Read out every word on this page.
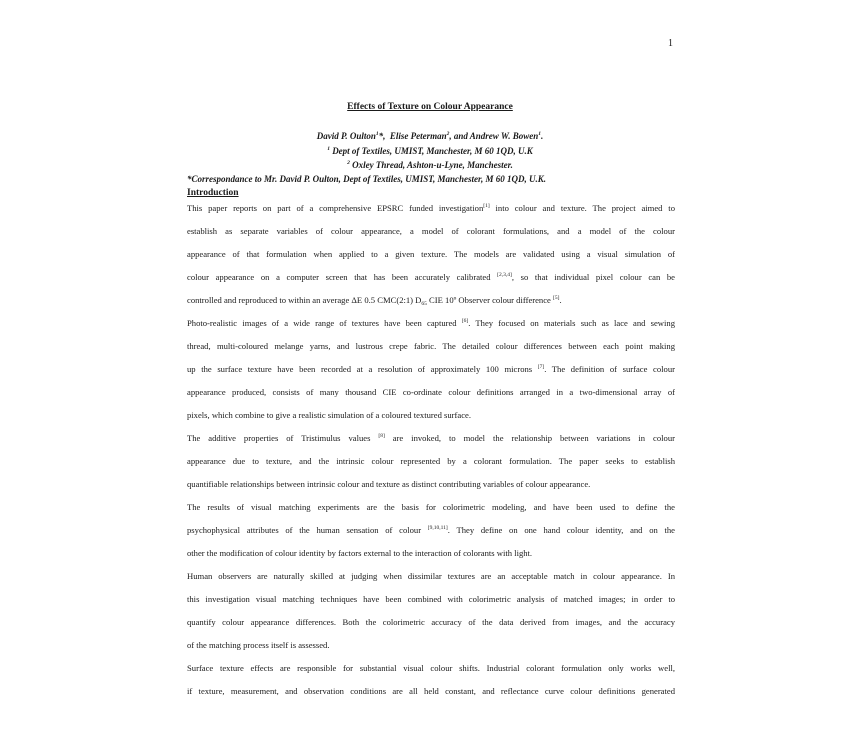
1
Effects of Texture on Colour Appearance
David P. Oulton$^1$*, Elise Peterman$^2$, and Andrew W. Bowen$^1$.
$^1$ Dept of Textiles, UMIST, Manchester, M 60 1QD, U.K
$^2$ Oxley Thread, Ashton-u-Lyne, Manchester.
*Correspondance to Mr. David P. Oulton, Dept of Textiles, UMIST, Manchester, M 60 1QD, U.K.
Introduction
This paper reports on part of a comprehensive EPSRC funded investigation[1] into colour and texture. The project aimed to
establish as separate variables of colour appearance, a model of colorant formulations, and a model of the colour
appearance of that formulation when applied to a given texture. The models are validated using a visual simulation of
colour appearance on a computer screen that has been accurately calibrated [2,3,4], so that individual pixel colour can be
controlled and reproduced to within an average ΔE 0.5 CMC(2:1) $D_{65}$ CIE 10º Observer colour difference [5].
Photo-realistic images of a wide range of textures have been captured [6]. They focused on materials such as lace and sewing
thread, multi-coloured melange yarns, and lustrous crepe fabric. The detailed colour differences between each point making
up the surface texture have been recorded at a resolution of approximately 100 microns [7]. The definition of surface colour
appearance produced, consists of many thousand CIE co-ordinate colour definitions arranged in a two-dimensional array of
pixels, which combine to give a realistic simulation of a coloured textured surface.
The additive properties of Tristimulus values [8] are invoked, to model the relationship between variations in colour
appearance due to texture, and the intrinsic colour represented by a colorant formulation. The paper seeks to establish
quantifiable relationships between intrinsic colour and texture as distinct contributing variables of colour appearance.
The results of visual matching experiments are the basis for colorimetric modeling, and have been used to define the
psychophysical attributes of the human sensation of colour [9,10,11]. They define on one hand colour identity, and on the
other the modification of colour identity by factors external to the interaction of colorants with light.
Human observers are naturally skilled at judging when dissimilar textures are an acceptable match in colour appearance. In
this investigation visual matching techniques have been combined with colorimetric analysis of matched images; in order to
quantify colour appearance differences. Both the colorimetric accuracy of the data derived from images, and the accuracy
of the matching process itself is assessed.
Surface texture effects are responsible for substantial visual colour shifts. Industrial colorant formulation only works well,
if texture, measurement, and observation conditions are all held constant, and reflectance curve colour definitions generated
